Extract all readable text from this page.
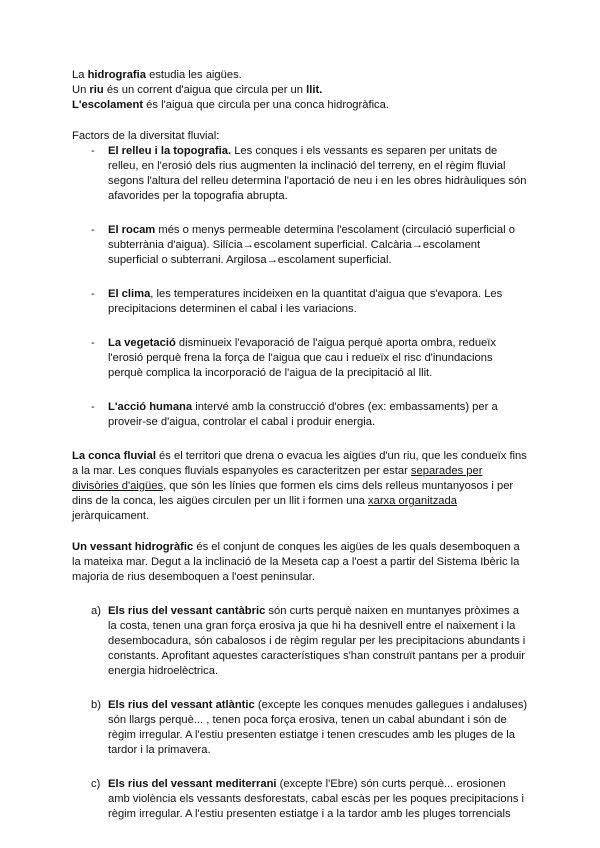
La hidrografia estudia les aigües.

Un riu és un corrent d'aigua que circula per un llit.

L'escolament és l'aigua que circula per una conca hidrogràfica.

Factors de la diversitat fluvial:

- El relleu i la topografia. Les conques i els vessants es separen per unitats de relleu, en l'erosió dels rius augmenten la inclinació del terreny, en el règim fluvial segons l'altura del relleu determina l'aportació de neu i en les obres hidràuliques són afavorides per la topografia abrupta.
- El rocam més o menys permeable determina l'escolament (circulació superficial o subterrània d'aigua). Silícia→escolament superficial. Calcària→escolament superficial o subterrani. Argilosa→escolament superficial.
- El clima, les temperatures incideixen en la quantitat d'aigua que s'evapora. Les precipitacions determinen el cabal i les variacions.
- La vegetació disminueix l'evaporació de l'aigua perquè aporta ombra, redueïx l'erosió perquè frena la força de l'aigua que cau i redueïx el risc d'inundacions perquè complica la incorporació de l'aigua de la precipitació al llit.
- L'acció humana intervé amb la construcció d'obres (ex: embassaments) per a proveir-se d'aigua, controlar el cabal i produir energia.

La conca fluvial és el territori que drena o evacua les aigües d'un riu, que les condueïx fins a la mar. Les conques fluvials espanyoles es caracteritzen per estar separades per divisòries d'aigües, que són les línies que formen els cims dels relleus muntanyosos i per dins de la conca, les aigües circulen per un llit i formen una xarxa organitzada jeràrquicament.

Un vessant hidrogràfic és el conjunt de conques les aigües de les quals desemboquen a la mateixa mar. Degut a la inclinació de la Meseta cap a l'oest a partir del Sistema Ibèric la majoria de rius desemboquen a l'oest peninsular.

a) Els rius del vessant cantàbric són curts perquè naixen en muntanyes pròximes a la costa, tenen una gran força erosiva ja que hi ha desnivell entre el naixement i la desembocadura, són cabalosos i de règim regular per les precipitacions abundants i constants. Aprofitant aquestes característiques s'han construït pantans per a produir energia hidroelèctrica.
b) Els rius del vessant atlàntic (excepte les conques menudes gallegues i andaluses) són llargs perquè... , tenen poca força erosiva, tenen un cabal abundant i són de règim irregular. A l'estiu presenten estiatge i tenen crescudes amb les pluges de la tardor i la primavera.
c) Els rius del vessant mediterrani (excepte l'Ebre) són curts perquè... erosionen amb violència els vessants desforestats, cabal escàs per les poques precipitacions i règim irregular. A l'estiu presenten estiatge i a la tardor amb les pluges torrencials
